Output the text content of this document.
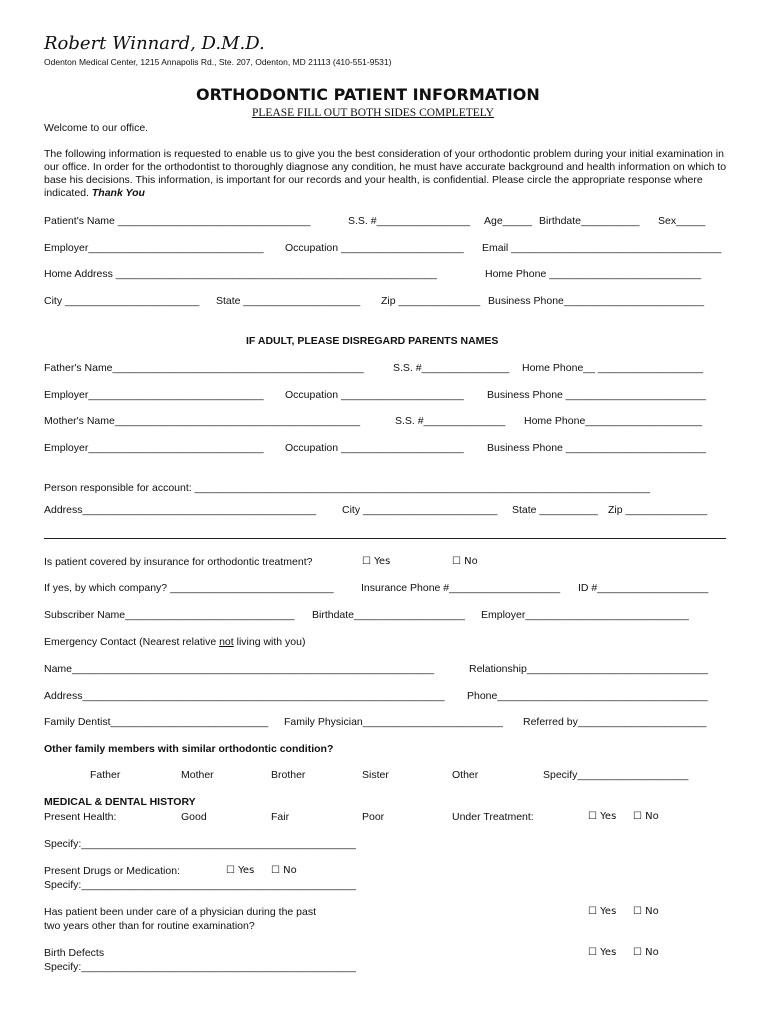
Robert Winnard, D.M.D.
Odenton Medical Center, 1215 Annapolis Rd., Ste. 207, Odenton, MD 21113 (410-551-9531)
ORTHODONTIC PATIENT INFORMATION
PLEASE FILL OUT BOTH SIDES COMPLETELY
Welcome to our office.
The following information is requested to enable us to give you the best consideration of your orthodontic problem during your initial examination in our office. In order for the orthodontist to thoroughly diagnose any condition, he must have accurate background and health information on which to base his decisions. This information, is important for our records and your health, is confidential. Please circle the appropriate response where indicated. Thank You
Patient's Name _________________________________	S.S. #________________ Age_____ Birthdate__________ Sex_____
Employer______________________________ Occupation _____________________ Email ____________________________________
Home Address _______________________________________________________	Home Phone __________________________
City _______________________ State ____________________ Zip ______________ Business Phone________________________
IF ADULT, PLEASE DISREGARD PARENTS NAMES
Father's Name___________________________________________	S.S. #_______________ Home Phone__ __________________
Employer______________________________ Occupation _____________________ Business Phone ________________________
Mother's Name__________________________________________	S.S. #______________ Home Phone____________________
Employer______________________________ Occupation _____________________ Business Phone ________________________
Person responsible for account: ______________________________________________________________________________
Address________________________________________ City _______________________ State __________ Zip ______________
Is patient covered by insurance for orthodontic treatment?	☐ Yes	☐ No
If yes, by which company? ____________________________	Insurance Phone #___________________ ID #___________________
Subscriber Name_____________________________ Birthdate___________________ Employer____________________________
Emergency Contact (Nearest relative not living with you)
Name______________________________________________________________	Relationship_______________________________
Address______________________________________________________________ Phone____________________________________
Family Dentist___________________________ Family Physician________________________ Referred by______________________
Other family members with similar orthodontic condition?
Father	Mother	Brother	Sister	Other	Specify___________________
MEDICAL & DENTAL HISTORY
Present Health:	Good	Fair	Poor	Under Treatment:	☐ Yes ☐ No
Specify:_______________________________________________
Present Drugs or Medication:	☐ Yes ☐ No
Specify:_______________________________________________
Has patient been under care of a physician during the past
two years other than for routine examination?
☐ Yes ☐ No
Birth Defects	☐ Yes ☐ No
Specify:_______________________________________________
